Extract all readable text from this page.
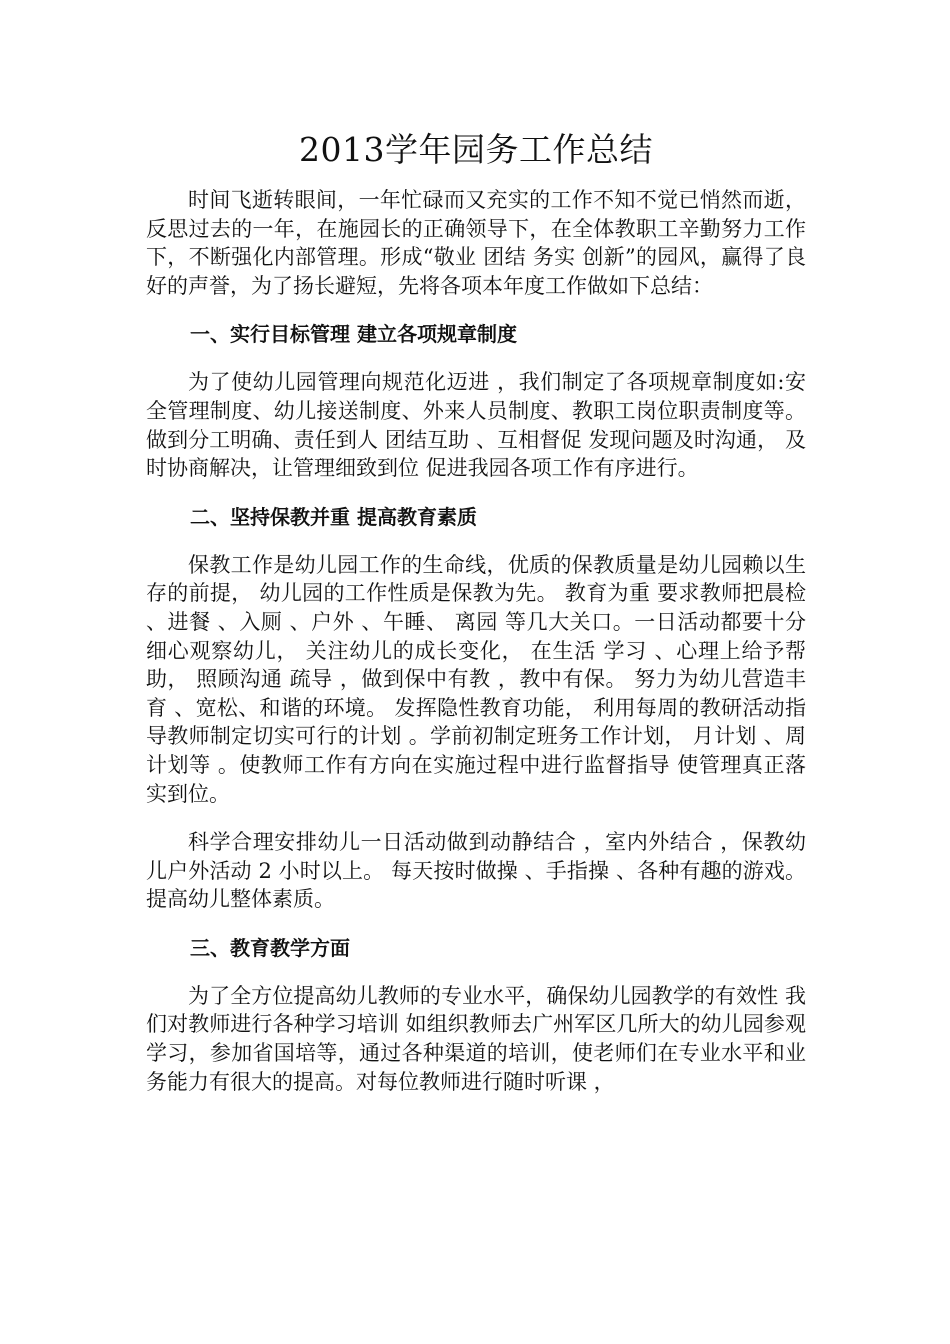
2013学年园务工作总结

时间飞逝转眼间，一年忙碌而又充实的工作不知不觉已悄然而逝，反思过去的一年，在施园长的正确领导下，在全体教职工辛勤努力工作下，不断强化内部管理。形成“敬业 团结 务实 创新”的园风，赢得了良好的声誉，为了扬长避短，先将各项本年度工作做如下总结：

一、实行目标管理 建立各项规章制度

为了使幼儿园管理向规范化迈进 ，我们制定了各项规章制度如:安全管理制度、幼儿接送制度、外来人员制度、教职工岗位职责制度等。做到分工明确、责任到人 团结互助 、互相督促 发现问题及时沟通， 及时协商解决，让管理细致到位 促进我园各项工作有序进行。

二、坚持保教并重 提高教育素质

保教工作是幼儿园工作的生命线，优质的保教质量是幼儿园赖以生存的前提， 幼儿园的工作性质是保教为先。 教育为重 要求教师把晨检 、进餐 、入厕 、户外 、午睡、 离园 等几大关口。一日活动都要十分细心观察幼儿， 关注幼儿的成长变化， 在生活 学习 、心理上给予帮助， 照顾沟通 疏导 ，做到保中有教 ，教中有保。 努力为幼儿营造丰育 、宽松、和谐的环境。 发挥隐性教育功能， 利用每周的教研活动指导教师制定切实可行的计划 。学前初制定班务工作计划， 月计划 、周计划等 。使教师工作有方向在实施过程中进行监督指导 使管理真正落实到位。

科学合理安排幼儿一日活动做到动静结合 ，室内外结合 ，保教幼儿户外活动 2 小时以上。 每天按时做操 、手指操 、各种有趣的游戏。提高幼儿整体素质。

三、教育教学方面

为了全方位提高幼儿教师的专业水平，确保幼儿园教学的有效性 我们对教师进行各种学习培训 如组织教师去广州军区几所大的幼儿园参观学习，参加省国培等，通过各种渠道的培训，使老师们在专业水平和业务能力有很大的提高。对每位教师进行随时听课 ，
